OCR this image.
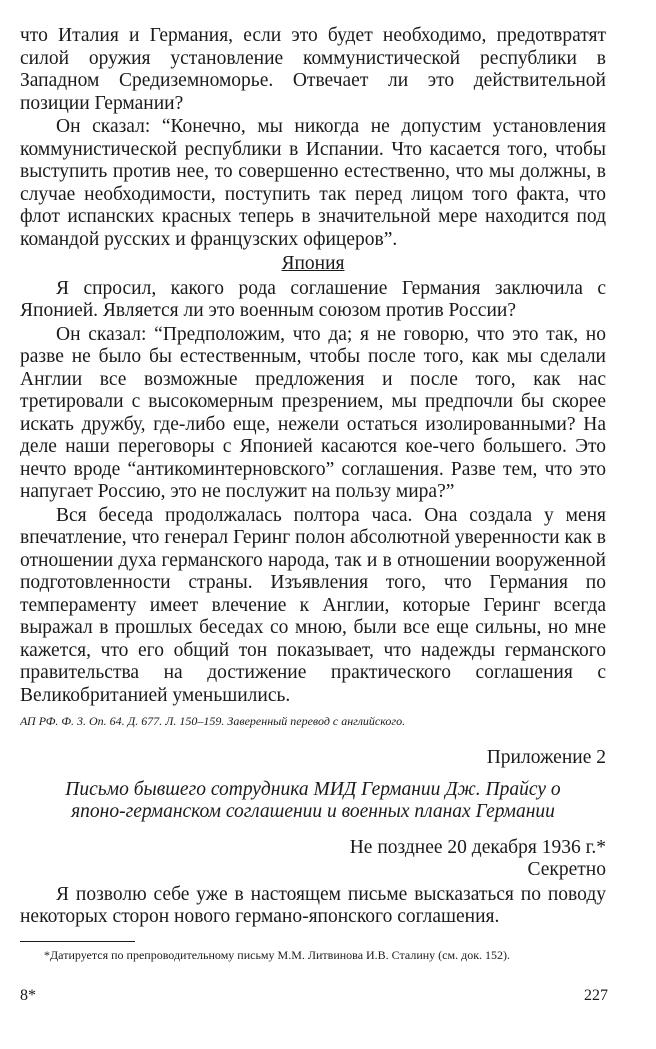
что Италия и Германия, если это будет необходимо, предотвратят силой оружия установление коммунистической республики в Западном Средиземноморье. Отвечает ли это действительной позиции Германии?

Он сказал: “Конечно, мы никогда не допустим установления коммунистической республики в Испании. Что касается того, чтобы выступить против нее, то совершенно естественно, что мы должны, в случае необходимости, поступить так перед лицом того факта, что флот испанских красных теперь в значительной мере находится под командой русских и французских офицеров”.

Япония

Я спросил, какого рода соглашение Германия заключила с Японией. Является ли это военным союзом против России?

Он сказал: “Предположим, что да; я не говорю, что это так, но разве не было бы естественным, чтобы после того, как мы сделали Англии все возможные предложения и после того, как нас третировали с высокомерным презрением, мы предпочли бы скорее искать дружбу, где-либо еще, нежели остаться изолированными? На деле наши переговоры с Японией касаются кое-чего большего. Это нечто вроде “антикоминтерновского” соглашения. Разве тем, что это напугает Россию, это не послужит на пользу мира?”

Вся беседа продолжалась полтора часа. Она создала у меня впечатление, что генерал Геринг полон абсолютной уверенности как в отношении духа германского народа, так и в отношении вооруженной подготовленности страны. Изъявления того, что Германия по темпераменту имеет влечение к Англии, которые Геринг всегда выражал в прошлых беседах со мною, были все еще сильны, но мне кажется, что его общий тон показывает, что надежды германского правительства на достижение практического соглашения с Великобританией уменьшились.

АП РФ. Ф. 3. Оп. 64. Д. 677. Л. 150–159. Заверенный перевод с английского.

Приложение 2

Письмо бывшего сотрудника МИД Германии Дж. Прайсу о японо-германском соглашении и военных планах Германии

Не позднее 20 декабря 1936 г.*

Секретно

Я позволю себе уже в настоящем письме высказаться по поводу некоторых сторон нового германо-японского соглашения.

*Датируется по препроводительному письму М.М. Литвинова И.В. Сталину (см. док. 152).

8*	227
